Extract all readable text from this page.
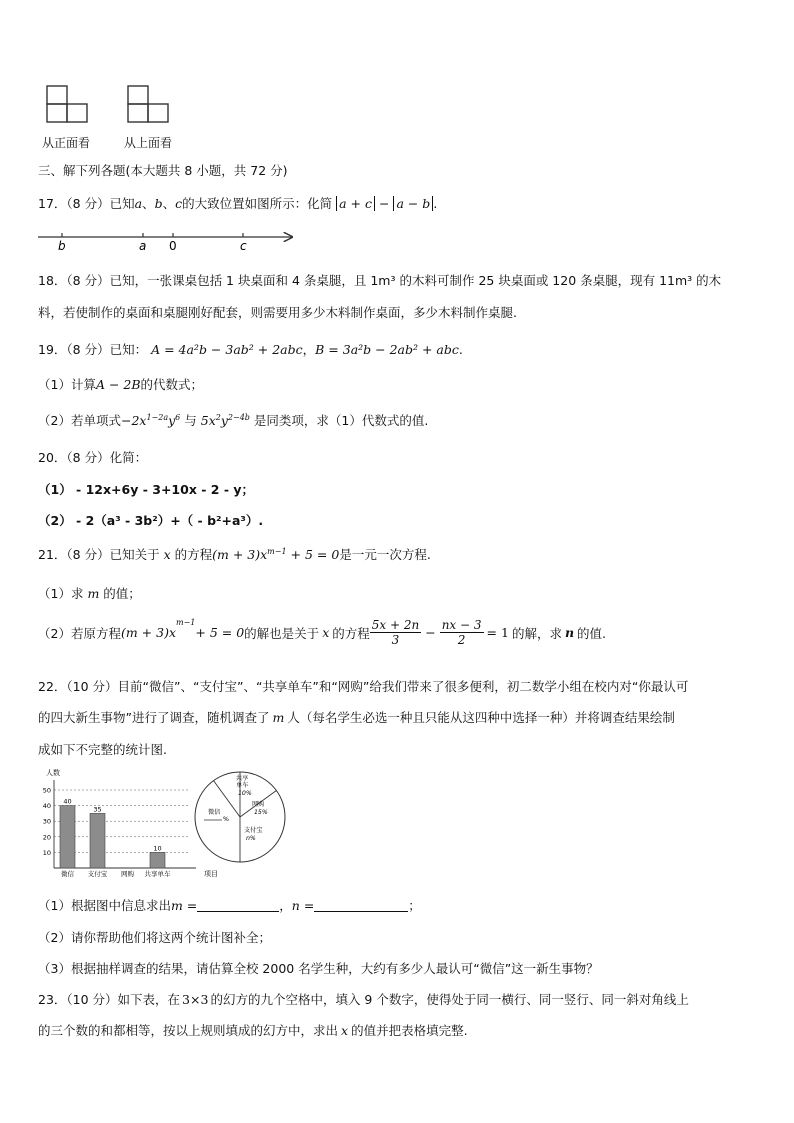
从正面看	从上面看
三、解下列各题(本大题共 8 小题，共 72 分)
17．（8 分）已知a、b、c的大致位置如图所示：化简 a + c − a − b .
b	a 0	c
18．（8 分）已知，一张课桌包括 1 块桌面和 4 条桌腿，且 1m³ 的木料可制作 25 块桌面或 120 条桌腿，现有 11m³ 的木
料，若使制作的桌面和桌腿刚好配套，则需要用多少木料制作桌面，多少木料制作桌腿.
19．（8 分）已知： A = 4a²b − 3ab² + 2abc，B = 3a²b − 2ab² + abc.
（1）计算A − 2B的代数式；
（2）若单项式$-2x^{1-2a}y^6$ 与 $5x^2y^{2-4b}$ 是同类项，求（1）代数式的值.
20．（8 分）化简：
（1） - 12x+6y - 3+10x - 2 - y；
（2） - 2（a³ - 3b²）+（ - b²+a³）.
21．（8 分）已知关于 x 的方程$(m + 3)x^{m-1} + 5 = 0$是一元一次方程.
（1）求 m 的值；
（2）若原方程 (m + 3)x
$^{m-1}$
+ 5 = 0 的解也是关于 x 的方程 $\frac{5x + 2n}{3} - \frac{nx - 3}{2} = 1$ 的解，求 n 的值.
22．（10 分）目前“微信”、“支付宝”、“共享单车”和“网购”给我们带来了很多便利，初二数学小组在校内对“你最认可
的四大新生事物”进行了调查，随机调查了 m 人（每名学生必选一种且只能从这四种中选择一种）并将调查结果绘制
成如下不完整的统计图.
人数
项目
10
20
30
40
50
40
微信
35
支付宝 网购
10
共享单车
共享
单车
10%
网购
15%
支付宝
n%
微信
%
（1）根据图中信息求出m =	，n =	；
（2）请你帮助他们将这两个统计图补全；
（3）根据抽样调查的结果，请估算全校 2000 名学生种，大约有多少人最认可“微信”这一新生事物？
23．（10 分）如下表，在 3×3 的幻方的九个空格中，填入 9 个数字，使得处于同一横行、同一竖行、同一斜对角线上
的三个数的和都相等，按以上规则填成的幻方中，求出 x 的值并把表格填完整.
